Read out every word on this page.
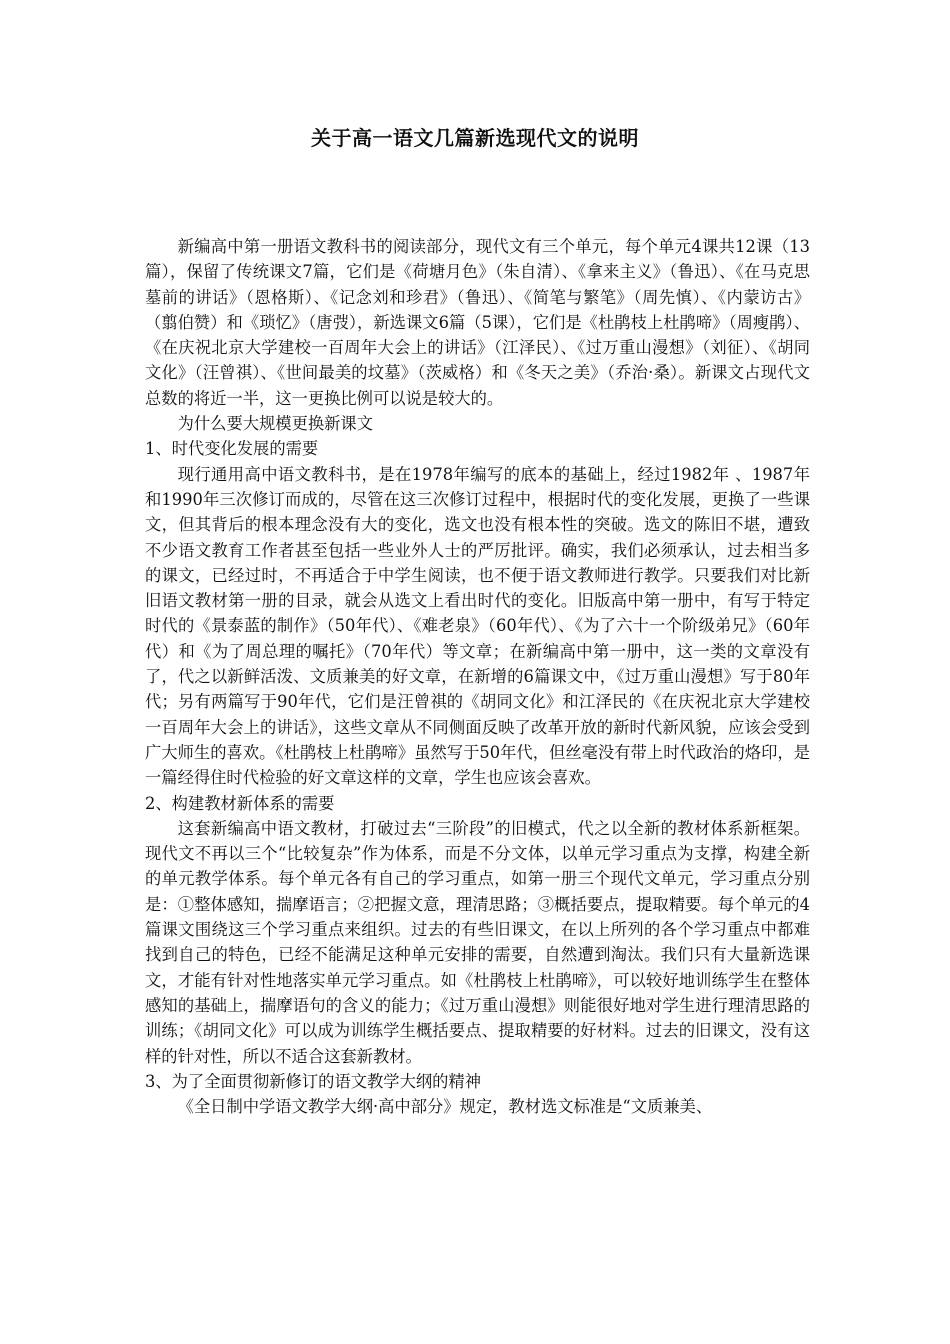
关于高一语文几篇新选现代文的说明

新编高中第一册语文教科书的阅读部分，现代文有三个单元，每个单元4课共12课（13篇），保留了传统课文7篇，它们是《荷塘月色》（朱自清）、《拿来主义》（鲁迅）、《在马克思墓前的讲话》（恩格斯）、《记念刘和珍君》（鲁迅）、《简笔与繁笔》（周先慎）、《内蒙访古》（翦伯赞）和《琐忆》（唐弢），新选课文6篇（5课），它们是《杜鹃枝上杜鹃啼》（周瘦鹃）、《在庆祝北京大学建校一百周年大会上的讲话》（江泽民）、《过万重山漫想》（刘征）、《胡同文化》（汪曾祺）、《世间最美的坟墓》（茨威格）和《冬天之美》（乔治·桑）。新课文占现代文总数的将近一半，这一更换比例可以说是较大的。

为什么要大规模更换新课文

1、时代变化发展的需要

现行通用高中语文教科书，是在1978年编写的底本的基础上，经过1982年 、1987年和1990年三次修订而成的，尽管在这三次修订过程中，根据时代的变化发展，更换了一些课文，但其背后的根本理念没有大的变化，选文也没有根本性的突破。选文的陈旧不堪，遭致不少语文教育工作者甚至包括一些业外人士的严厉批评。确实，我们必须承认，过去相当多的课文，已经过时，不再适合于中学生阅读，也不便于语文教师进行教学。只要我们对比新旧语文教材第一册的目录，就会从选文上看出时代的变化。旧版高中第一册中，有写于特定时代的《景泰蓝的制作》（50年代）、《难老泉》（60年代）、《为了六十一个阶级弟兄》（60年代）和《为了周总理的嘱托》（70年代）等文章；在新编高中第一册中，这一类的文章没有了，代之以新鲜活泼、文质兼美的好文章，在新增的6篇课文中，《过万重山漫想》写于80年代；另有两篇写于90年代，它们是汪曾祺的《胡同文化》和江泽民的《在庆祝北京大学建校一百周年大会上的讲话》，这些文章从不同侧面反映了改革开放的新时代新风貌，应该会受到广大师生的喜欢。《杜鹃枝上杜鹃啼》虽然写于50年代，但丝毫没有带上时代政治的烙印，是一篇经得住时代检验的好文章这样的文章，学生也应该会喜欢。

2、构建教材新体系的需要

这套新编高中语文教材，打破过去“三阶段”的旧模式，代之以全新的教材体系新框架。现代文不再以三个“比较复杂”作为体系，而是不分文体，以单元学习重点为支撑，构建全新的单元教学体系。每个单元各有自己的学习重点，如第一册三个现代文单元，学习重点分别是：①整体感知，揣摩语言；②把握文意，理清思路；③概括要点，提取精要。每个单元的4篇课文围绕这三个学习重点来组织。过去的有些旧课文，在以上所列的各个学习重点中都难找到自己的特色，已经不能满足这种单元安排的需要，自然遭到淘汰。我们只有大量新选课文，才能有针对性地落实单元学习重点。如《杜鹃枝上杜鹃啼》，可以较好地训练学生在整体感知的基础上，揣摩语句的含义的能力；《过万重山漫想》则能很好地对学生进行理清思路的训练；《胡同文化》可以成为训练学生概括要点、提取精要的好材料。过去的旧课文，没有这样的针对性，所以不适合这套新教材。

3、为了全面贯彻新修订的语文教学大纲的精神

《全日制中学语文教学大纲·高中部分》规定，教材选文标准是“文质兼美、
